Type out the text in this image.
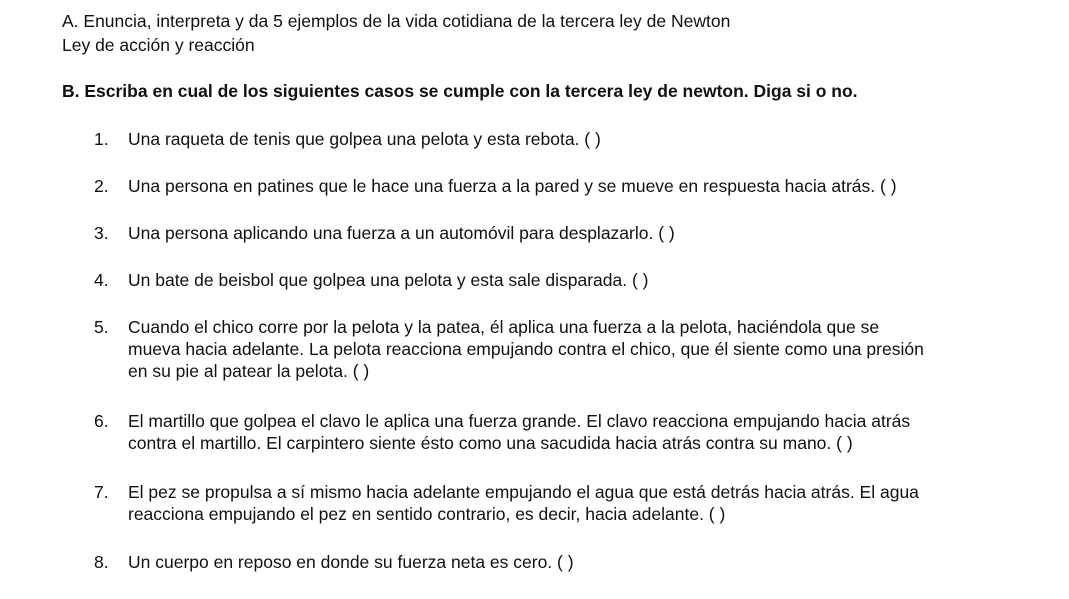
A. Enuncia, interpreta y da 5 ejemplos de la vida cotidiana de la tercera ley de Newton
Ley de acción y reacción
B. Escriba en cual de los siguientes casos se cumple con la tercera ley de newton. Diga si o no.
1.	Una raqueta de tenis que golpea una pelota y esta rebota. ( )
2.	Una persona en patines que le hace una fuerza a la pared y se mueve en respuesta hacia atrás. ( )
3.	Una persona aplicando una fuerza a un automóvil para desplazarlo. ( )
4.	Un bate de beisbol que golpea una pelota y esta sale disparada. ( )
5.	Cuando el chico corre por la pelota y la patea, él aplica una fuerza a la pelota, haciéndola que se
mueva hacia adelante. La pelota reacciona empujando contra el chico, que él siente como una presión
en su pie al patear la pelota. ( )
6.	El martillo que golpea el clavo le aplica una fuerza grande. El clavo reacciona empujando hacia atrás
contra el martillo. El carpintero siente ésto como una sacudida hacia atrás contra su mano. ( )
7.	El pez se propulsa a sí mismo hacia adelante empujando el agua que está detrás hacia atrás. El agua
reacciona empujando el pez en sentido contrario, es decir, hacia adelante. ( )
8.	Un cuerpo en reposo en donde su fuerza neta es cero. ( )
